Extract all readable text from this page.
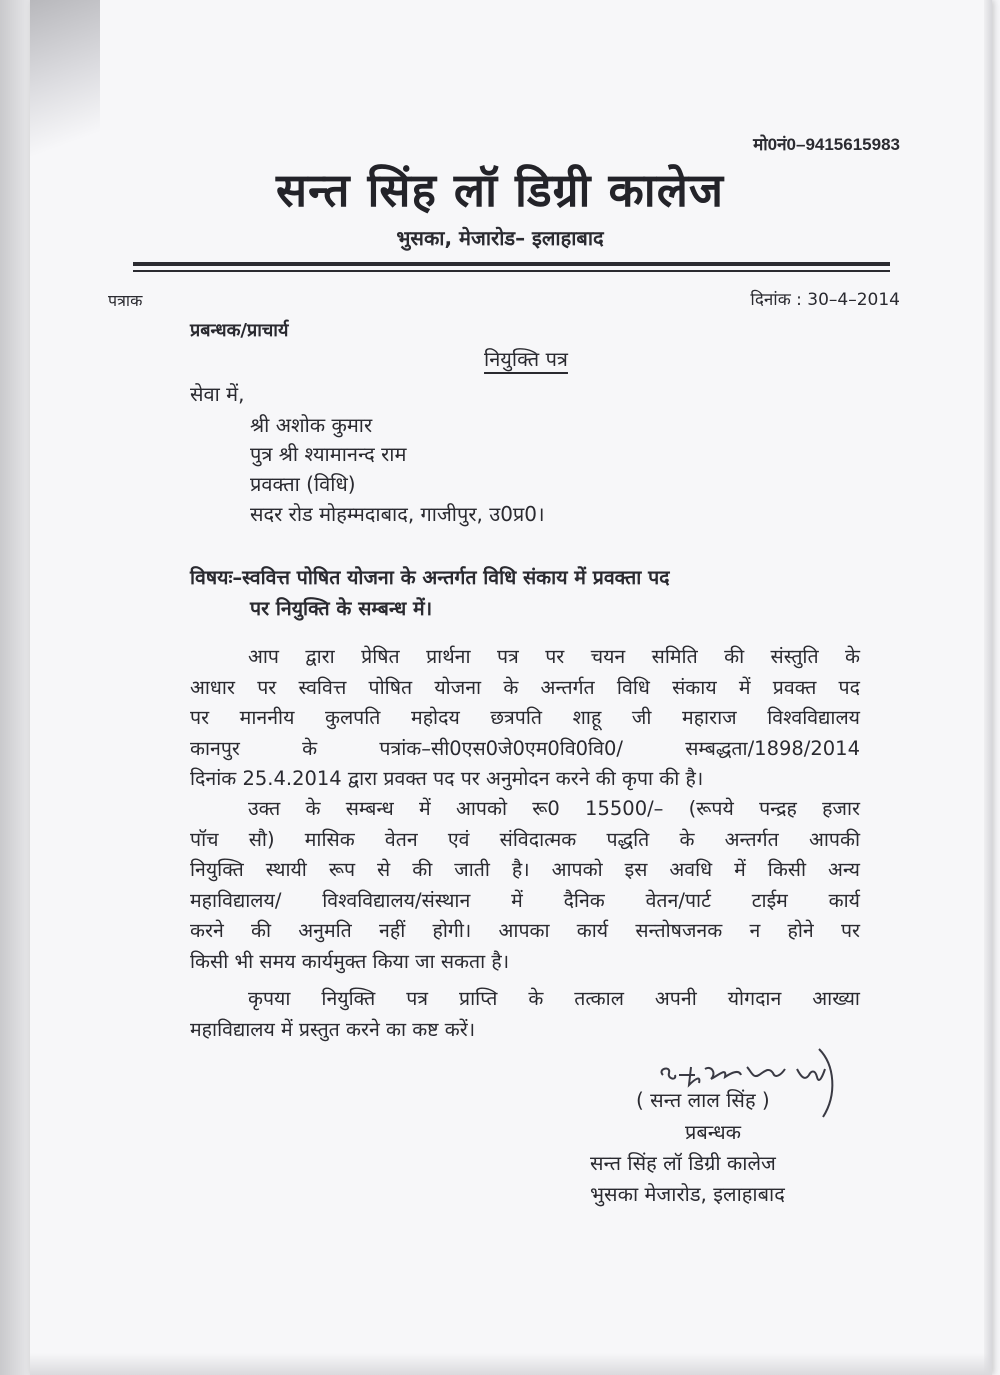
मो0नं0–9415615983
सन्त सिंह लॉ डिग्री कालेज
भुसका, मेजारोड– इलाहाबाद
पत्राक	दिनांक : 30–4–2014
प्रबन्धक/प्राचार्य
नियुक्ति पत्र
सेवा में,
श्री अशोक कुमार
पुत्र श्री श्यामानन्द राम
प्रवक्ता (विधि)
सदर रोड मोहम्मदाबाद, गाजीपुर, उ0प्र0।
विषयः–स्ववित्त पोषित योजना के अन्तर्गत विधि संकाय में प्रवक्ता पद
पर नियुक्ति के सम्बन्ध में।
आप द्वारा प्रेषित प्रार्थना पत्र पर चयन समिति की संस्तुति के
आधार पर स्ववित्त पोषित योजना के अन्तर्गत विधि संकाय में प्रवक्त पद
पर माननीय कुलपति महोदय छत्रपति शाहू जी महाराज विश्वविद्यालय
कानपुर के पत्रांक–सी0एस0जे0एम0वि0वि0/ सम्बद्धता/1898/2014
दिनांक 25.4.2014 द्वारा प्रवक्त पद पर अनुमोदन करने की कृपा की है।
उक्त के सम्बन्ध में आपको रू0 15500/– (रूपये पन्द्रह हजार
पॉच सौ) मासिक वेतन एवं संविदात्मक पद्धति के अन्तर्गत आपकी
नियुक्ति स्थायी रूप से की जाती है। आपको इस अवधि में किसी अन्य
महाविद्यालय/ विश्वविद्यालय/संस्थान में दैनिक वेतन/पार्ट टाईम कार्य
करने की अनुमति नहीं होगी। आपका कार्य सन्तोषजनक न होने पर
किसी भी समय कार्यमुक्त किया जा सकता है।
कृपया नियुक्ति पत्र प्राप्ति के तत्काल अपनी योगदान आख्या
महाविद्यालय में प्रस्तुत करने का कष्ट करें।
( सन्त लाल सिंह )
प्रबन्धक
सन्त सिंह लॉ डिग्री कालेज
भुसका मेजारोड, इलाहाबाद
